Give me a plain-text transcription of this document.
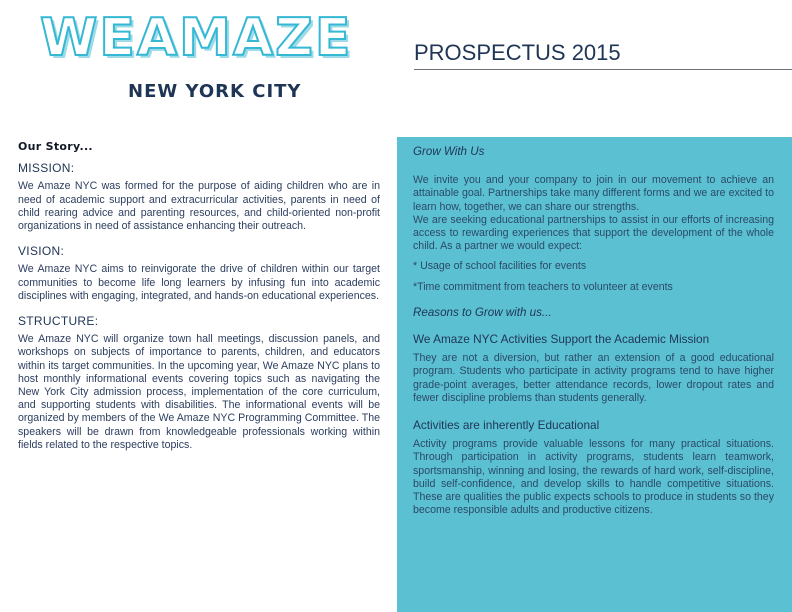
WEAMAZE
NEW YORK CITY
PROSPECTUS 2015
Our Story...
MISSION:

We Amaze NYC was formed for the purpose of aiding children who are in need of academic support and extracurricular activities, parents in need of child rearing advice and parenting resources, and child-oriented non-profit organizations in need of assistance enhancing their outreach.

VISION:

We Amaze NYC aims to reinvigorate the drive of children within our target communities to become life long learners by infusing fun into academic disciplines with engaging, integrated, and hands-on educational experiences.

STRUCTURE:

We Amaze NYC will organize town hall meetings, discussion panels, and workshops on subjects of importance to parents, children, and educators within its target communities. In the upcoming year, We Amaze NYC plans to host monthly informational events covering topics such as navigating the New York City admission process, implementation of the core curriculum, and supporting students with disabilities. The informational events will be organized by members of the We Amaze NYC Programming Committee. The speakers will be drawn from knowledgeable professionals working within fields related to the respective topics.

Grow With Us

We invite you and your company to join in our movement to achieve an attainable goal. Partnerships take many different forms and we are excited to learn how, together, we can share our strengths.

We are seeking educational partnerships to assist in our efforts of increasing access to rewarding experiences that support the development of the whole child. As a partner we would expect:

* Usage of school facilities for events

*Time commitment from teachers to volunteer at events

Reasons to Grow with us...
We Amaze NYC Activities Support the Academic Mission

They are not a diversion, but rather an extension of a good educational program. Students who participate in activity programs tend to have higher grade-point averages, better attendance records, lower dropout rates and fewer discipline problems than students generally.

Activities are inherently Educational

Activity programs provide valuable lessons for many practical situations. Through participation in activity programs, students learn teamwork, sportsmanship, winning and losing, the rewards of hard work, self-discipline, build self-confidence, and develop skills to handle competitive situations. These are qualities the public expects schools to produce in students so they become responsible adults and productive citizens.
